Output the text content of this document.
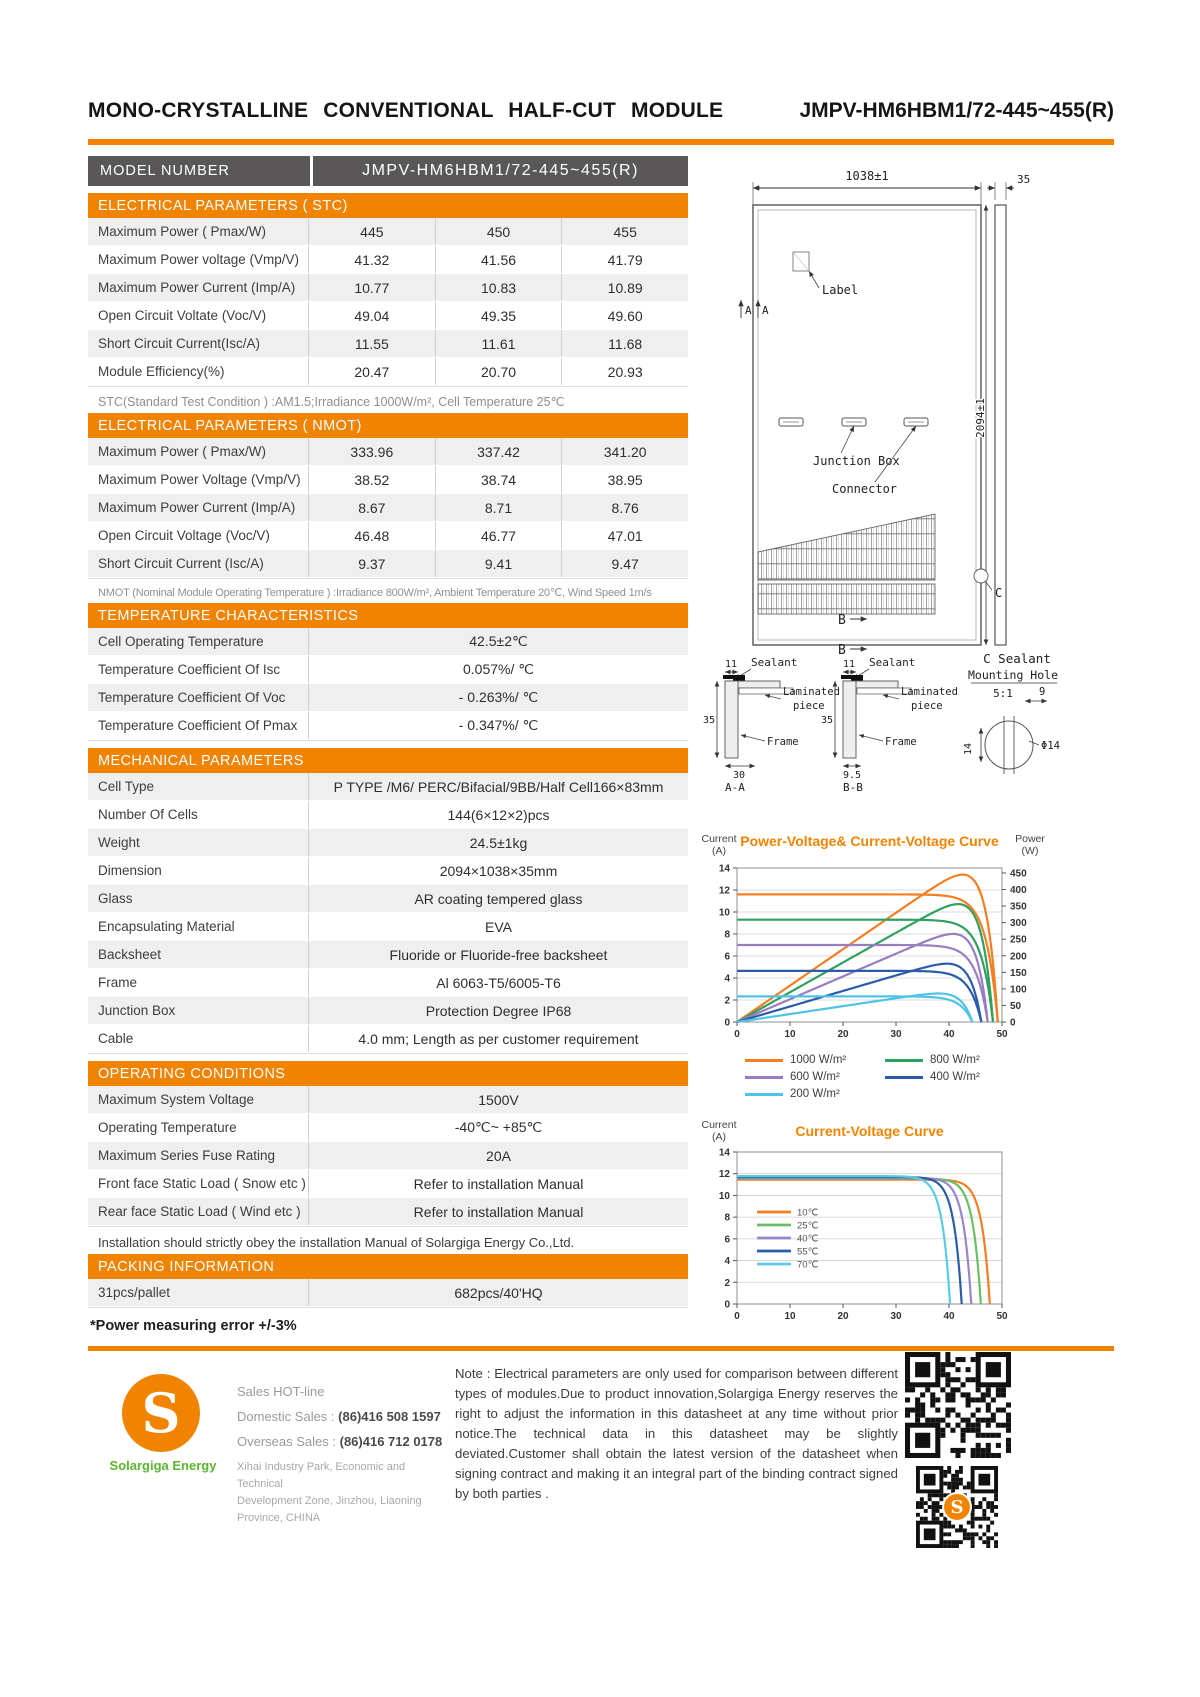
MONO-CRYSTALLINE CONVENTIONAL HALF-CUT MODULE	JMPV-HM6HBM1/72-445~455(R)
MODEL NUMBER	JMPV-HM6HBM1/72-445~455(R)
ELECTRICAL PARAMETERS ( STC)
Maximum Power ( Pmax/W)	445	450	455
Maximum Power voltage (Vmp/V)	41.32	41.56	41.79
Maximum Power Current (Imp/A)	10.77	10.83	10.89
Open Circuit Voltate (Voc/V)	49.04	49.35	49.60
Short Circuit Current(Isc/A)	11.55	11.61	11.68
Module Efficiency(%)	20.47	20.70	20.93
STC(Standard Test Condition ) :AM1.5;Irradiance 1000W/m², Cell Temperature 25℃
ELECTRICAL PARAMETERS ( NMOT)
Maximum Power ( Pmax/W)	333.96	337.42	341.20
Maximum Power Voltage (Vmp/V)	38.52	38.74	38.95
Maximum Power Current (Imp/A)	8.67	8.71	8.76
Open Circuit Voltage (Voc/V)	46.48	46.77	47.01
Short Circuit Current (Isc/A)	9.37	9.41	9.47
NMOT (Nominal Module Operating Temperature ) :Irradiance 800W/m², Ambient Temperature 20℃, Wind Speed 1m/s
TEMPERATURE CHARACTERISTICS
Cell Operating Temperature	42.5±2℃
Temperature Coefficient Of Isc	0.057%/ ℃
Temperature Coefficient Of Voc	- 0.263%/ ℃
Temperature Coefficient Of Pmax	- 0.347%/ ℃
MECHANICAL PARAMETERS
Cell Type	P TYPE /M6/ PERC/Bifacial/9BB/Half Cell166×83mm
Number Of Cells	144(6×12×2)pcs
Weight	24.5±1kg
Dimension	2094×1038×35mm
Glass	AR coating tempered glass
Encapsulating Material	EVA
Backsheet	Fluoride or Fluoride-free backsheet
Frame	Al 6063-T5/6005-T6
Junction Box	Protection Degree IP68
Cable	4.0 mm; Length as per customer requirement
OPERATING CONDITIONS
Maximum System Voltage	1500V
Operating Temperature	-40℃~ +85℃
Maximum Series Fuse Rating	20A
Front face Static Load ( Snow etc )	Refer to installation Manual
Rear face Static Load ( Wind etc )	Refer to installation Manual
Installation should strictly obey the installation Manual of Solargiga Energy Co.,Ltd.
PACKING INFORMATION
31pcs/pallet	682pcs/40'HQ
*Power measuring error +/-3%
1038±1	35
2094±1
Label
A A
Junction Box
Connector
C
B
B
11 Sealant
Laminated
piece
35
30
Frame
A-A
11 Sealant
Laminated
piece
35
9.5
Frame
B-B
C Sealant
Mounting Hole
5:1 9
14	Φ14
0
2
4
6
8
10
12
14
0	10	20	30	40	50
0
50
100
150
200
250
300
350
400
450
Power
(W)
Current
(A)
Power-Voltage& Current-Voltage Curve
1000 W/m²	800 W/m²
600 W/m²	400 W/m²
200 W/m²
0
2
4
6
8
10
12
14
0	10	20	30	40	50
Current
(A)	Current-Voltage Curve
10℃
25℃
40℃
55℃
70℃
S
Solargiga Energy
Sales HOT-line
Domestic Sales : (86)416 508 1597
Overseas Sales : (86)416 712 0178
Xihai Industry Park, Economic and Technical
Development Zone, Jinzhou, Liaoning
Province, CHINA
Note : Electrical parameters are only used for comparison between different types of modules.Due to product innovation,Solargiga Energy reserves the right to adjust the information in this datasheet at any time without prior notice.The technical data in this datasheet may be slightly deviated.Customer shall obtain the latest version of the datasheet when signing contract and making it an integral part of the binding contract signed by both parties .
S
